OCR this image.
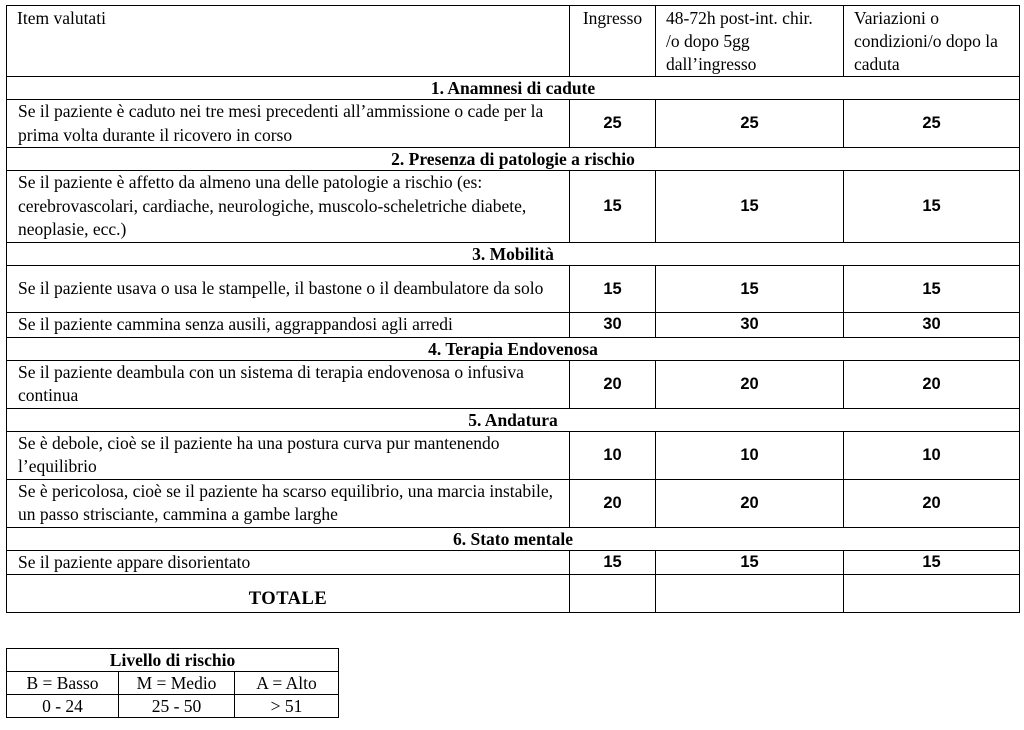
Item valutati	Ingresso	48-72h post-int. chir. /o dopo 5gg dall’ingresso	Variazioni o condizioni/o dopo la caduta
1. Anamnesi di cadute			
Se il paziente è caduto nei tre mesi precedenti all’ammissione o cade per la prima volta durante il ricovero in corso	25	25	25
2. Presenza di patologie a rischio			
Se il paziente è affetto da almeno una delle patologie a rischio (es: cerebrovascolari, cardiache, neurologiche, muscolo-scheletriche diabete, neoplasie, ecc.)	15	15	15
3. Mobilità			
Se il paziente usava o usa le stampelle, il bastone o il deambulatore da solo	15	15	15
Se il paziente cammina senza ausili, aggrappandosi agli arredi	30	30	30
4. Terapia Endovenosa			
Se il paziente deambula con un sistema di terapia endovenosa o infusiva continua	20	20	20
5. Andatura			
Se è debole, cioè se il paziente ha una postura curva pur mantenendo l’equilibrio	10	10	10
Se è pericolosa, cioè se il paziente ha scarso equilibrio, una marcia instabile, un passo strisciante, cammina a gambe larghe	20	20	20
6. Stato mentale			
Se il paziente appare disorientato	15	15	15
TOTALE			
Livello di rischio		
B = Basso	M = Medio	A = Alto
0 - 24	25 - 50	> 51
